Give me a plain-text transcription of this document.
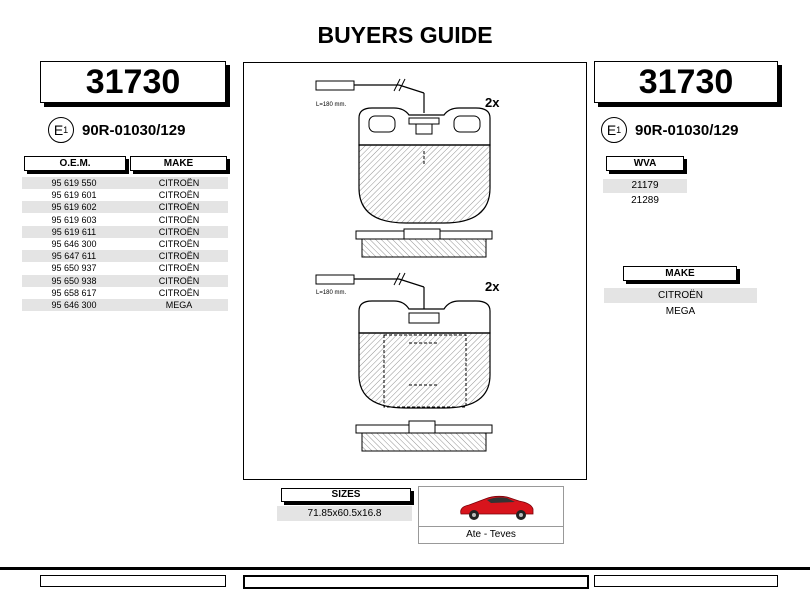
BUYERS GUIDE
31730
E 1 90R-01030/129
O.E.M.	MAKE
95 619 550	CITROËN
95 619 601	CITROËN
95 619 602	CITROËN
95 619 603	CITROËN
95 619 611	CITROËN
95 646 300	CITROËN
95 647 611	CITROËN
95 650 937	CITROËN
95 650 938	CITROËN
95 658 617	CITROËN
95 646 300	MEGA
2x
L=180 mm.
2x
L=180 mm.
31730
E 1 90R-01030/129
WVA
21179
21289
MAKE
CITROËN
MEGA
SIZES
71.85x60.5x16.8
Ate - Teves
